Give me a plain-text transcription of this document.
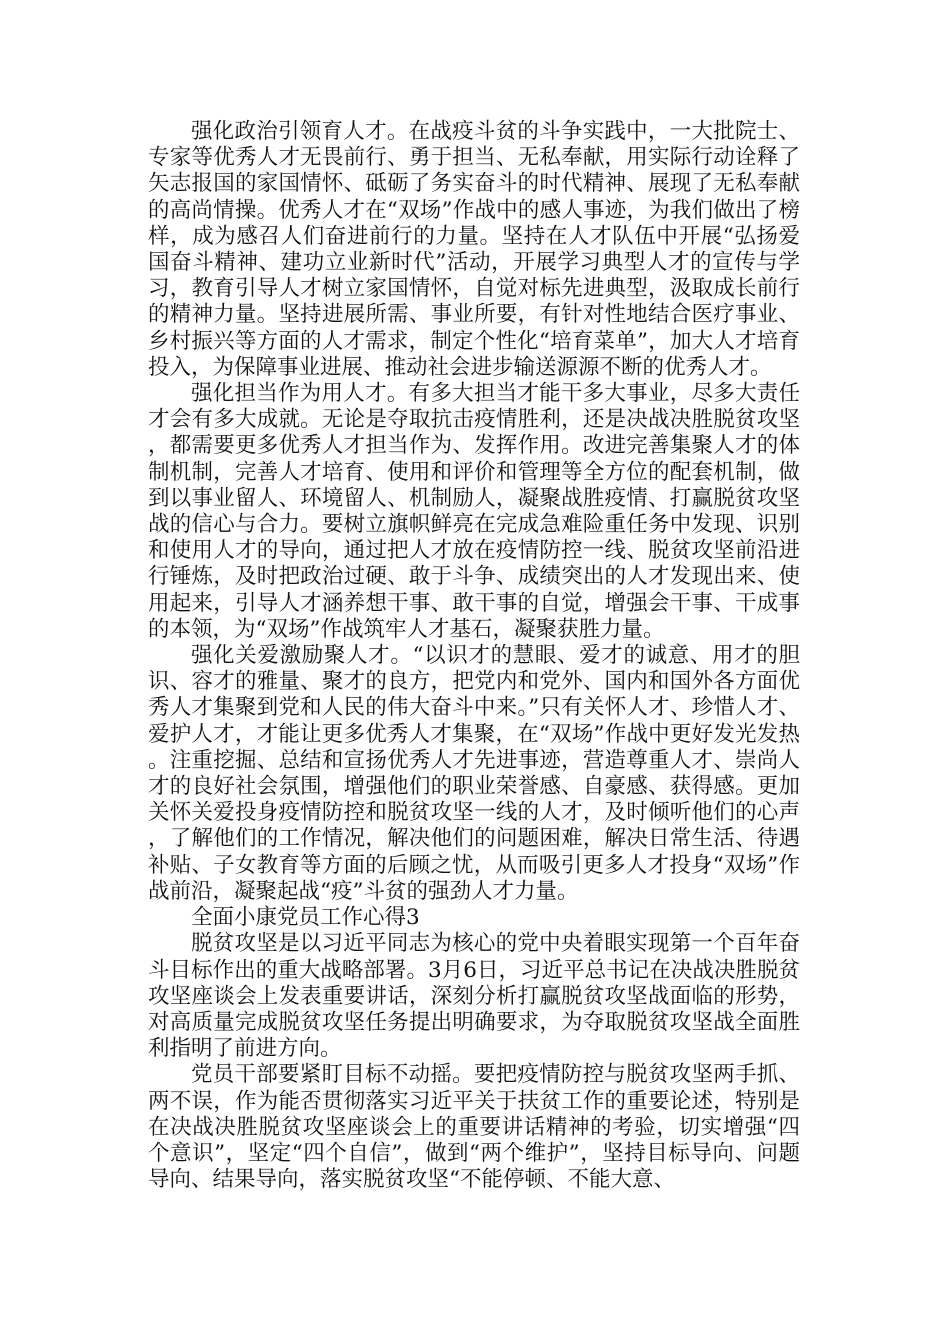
强化政治引领育人才。在战疫斗贫的斗争实践中，一大批院士、专家等优秀人才无畏前行、勇于担当、无私奉献，用实际行动诠释了矢志报国的家国情怀、砥砺了务实奋斗的时代精神、展现了无私奉献的高尚情操。优秀人才在“双场”作战中的感人事迹，为我们做出了榜样，成为感召人们奋进前行的力量。坚持在人才队伍中开展“弘扬爱国奋斗精神、建功立业新时代”活动，开展学习典型人才的宣传与学习，教育引导人才树立家国情怀，自觉对标先进典型，汲取成长前行的精神力量。坚持进展所需、事业所要，有针对性地结合医疗事业、乡村振兴等方面的人才需求，制定个性化“培育菜单”，加大人才培育投入，为保障事业进展、推动社会进步输送源源不断的优秀人才。

强化担当作为用人才。有多大担当才能干多大事业，尽多大责任才会有多大成就。无论是夺取抗击疫情胜利，还是决战决胜脱贫攻坚，都需要更多优秀人才担当作为、发挥作用。改进完善集聚人才的体制机制，完善人才培育、使用和评价和管理等全方位的配套机制，做到以事业留人、环境留人、机制励人，凝聚战胜疫情、打赢脱贫攻坚战的信心与合力。要树立旗帜鲜亮在完成急难险重任务中发现、识别和使用人才的导向，通过把人才放在疫情防控一线、脱贫攻坚前沿进行锤炼，及时把政治过硬、敢于斗争、成绩突出的人才发现出来、使用起来，引导人才涵养想干事、敢干事的自觉，增强会干事、干成事的本领，为“双场”作战筑牢人才基石，凝聚获胜力量。

强化关爱激励聚人才。“以识才的慧眼、爱才的诚意、用才的胆识、容才的雅量、聚才的良方，把党内和党外、国内和国外各方面优秀人才集聚到党和人民的伟大奋斗中来。”只有关怀人才、珍惜人才、爱护人才，才能让更多优秀人才集聚，在“双场”作战中更好发光发热。注重挖掘、总结和宣扬优秀人才先进事迹，营造尊重人才、崇尚人才的良好社会氛围，增强他们的职业荣誉感、自豪感、获得感。更加关怀关爱投身疫情防控和脱贫攻坚一线的人才，及时倾听他们的心声，了解他们的工作情况，解决他们的问题困难，解决日常生活、待遇补贴、子女教育等方面的后顾之忧，从而吸引更多人才投身“双场”作战前沿，凝聚起战“疫”斗贫的强劲人才力量。

全面小康党员工作心得3

脱贫攻坚是以习近平同志为核心的党中央着眼实现第一个百年奋斗目标作出的重大战略部署。3月6日，习近平总书记在决战决胜脱贫攻坚座谈会上发表重要讲话，深刻分析打赢脱贫攻坚战面临的形势，对高质量完成脱贫攻坚任务提出明确要求，为夺取脱贫攻坚战全面胜利指明了前进方向。

党员干部要紧盯目标不动摇。要把疫情防控与脱贫攻坚两手抓、两不误，作为能否贯彻落实习近平关于扶贫工作的重要论述，特别是在决战决胜脱贫攻坚座谈会上的重要讲话精神的考验，切实增强“四个意识”，坚定“四个自信”，做到“两个维护”，坚持目标导向、问题导向、结果导向，落实脱贫攻坚“不能停顿、不能大意、
